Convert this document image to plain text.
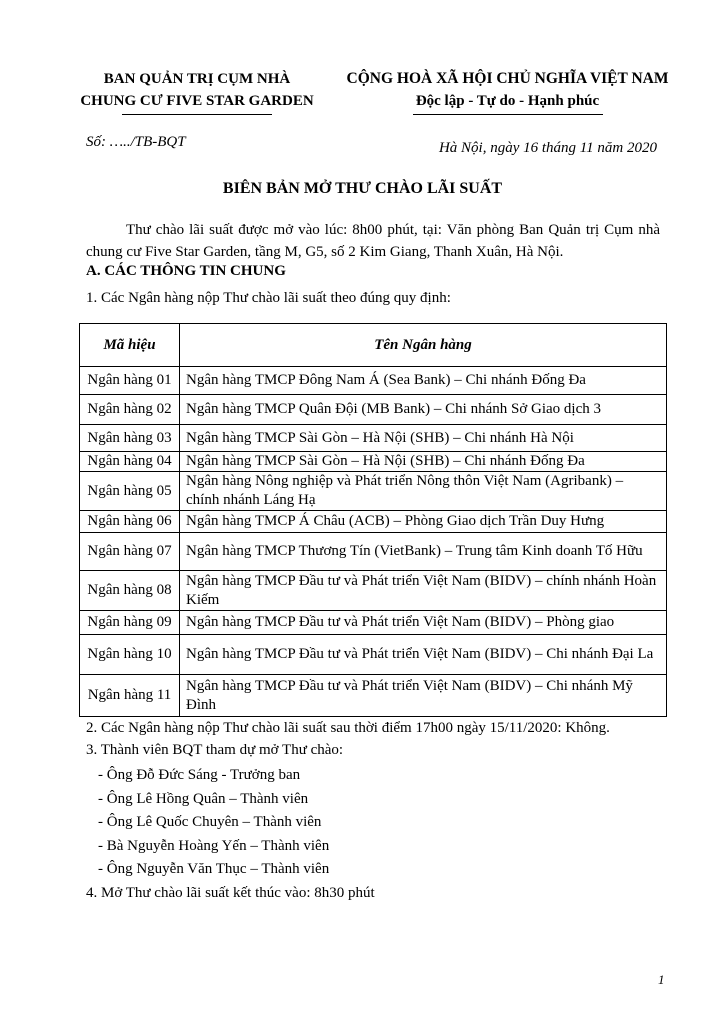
BAN QUẢN TRỊ CỤM NHÀ
CHUNG CƯ FIVE STAR GARDEN
CỘNG HOÀ XÃ HỘI CHỦ NGHĨA VIỆT NAM
Độc lập - Tự do - Hạnh phúc
Số: …../TB-BQT	Hà Nội, ngày 16 tháng 11 năm 2020
BIÊN BẢN MỞ THƯ CHÀO LÃI SUẤT
Thư chào lãi suất được mở vào lúc: 8h00 phút, tại: Văn phòng Ban Quản trị Cụm nhà chung cư Five Star Garden, tầng M, G5, số 2 Kim Giang, Thanh Xuân, Hà Nội.
A. CÁC THÔNG TIN CHUNG
1. Các Ngân hàng nộp Thư chào lãi suất theo đúng quy định:
Mã hiệu	Tên Ngân hàng
Ngân hàng 01	Ngân hàng TMCP Đông Nam Á (Sea Bank) – Chi nhánh Đống Đa
Ngân hàng 02	Ngân hàng TMCP Quân Đội (MB Bank) – Chi nhánh Sở Giao dịch 3
Ngân hàng 03	Ngân hàng TMCP Sài Gòn – Hà Nội (SHB) – Chi nhánh Hà Nội
Ngân hàng 04	Ngân hàng TMCP Sài Gòn – Hà Nội (SHB) – Chi nhánh Đống Đa
Ngân hàng 05	Ngân hàng Nông nghiệp và Phát triển Nông thôn Việt Nam (Agribank) – chính nhánh Láng Hạ
Ngân hàng 06	Ngân hàng TMCP Á Châu (ACB) – Phòng Giao dịch Trần Duy Hưng
Ngân hàng 07	Ngân hàng TMCP Thương Tín (VietBank) – Trung tâm Kinh doanh Tố Hữu
Ngân hàng 08	Ngân hàng TMCP Đầu tư và Phát triển Việt Nam (BIDV) – chính nhánh Hoàn Kiếm
Ngân hàng 09	Ngân hàng TMCP Đầu tư và Phát triển Việt Nam (BIDV) – Phòng giao
Ngân hàng 10	Ngân hàng TMCP Đầu tư và Phát triển Việt Nam (BIDV) – Chi nhánh Đại La
Ngân hàng 11	Ngân hàng TMCP Đầu tư và Phát triển Việt Nam (BIDV) – Chi nhánh Mỹ Đình
2. Các Ngân hàng nộp Thư chào lãi suất sau thời điểm 17h00 ngày 15/11/2020: Không.
3. Thành viên BQT tham dự mở Thư chào:
- Ông Đỗ Đức Sáng - Trưởng ban
- Ông Lê Hồng Quân – Thành viên
- Ông Lê Quốc Chuyên – Thành viên
- Bà Nguyễn Hoàng Yến – Thành viên
- Ông Nguyễn Văn Thục – Thành viên
4. Mở Thư chào lãi suất kết thúc vào: 8h30 phút
1
